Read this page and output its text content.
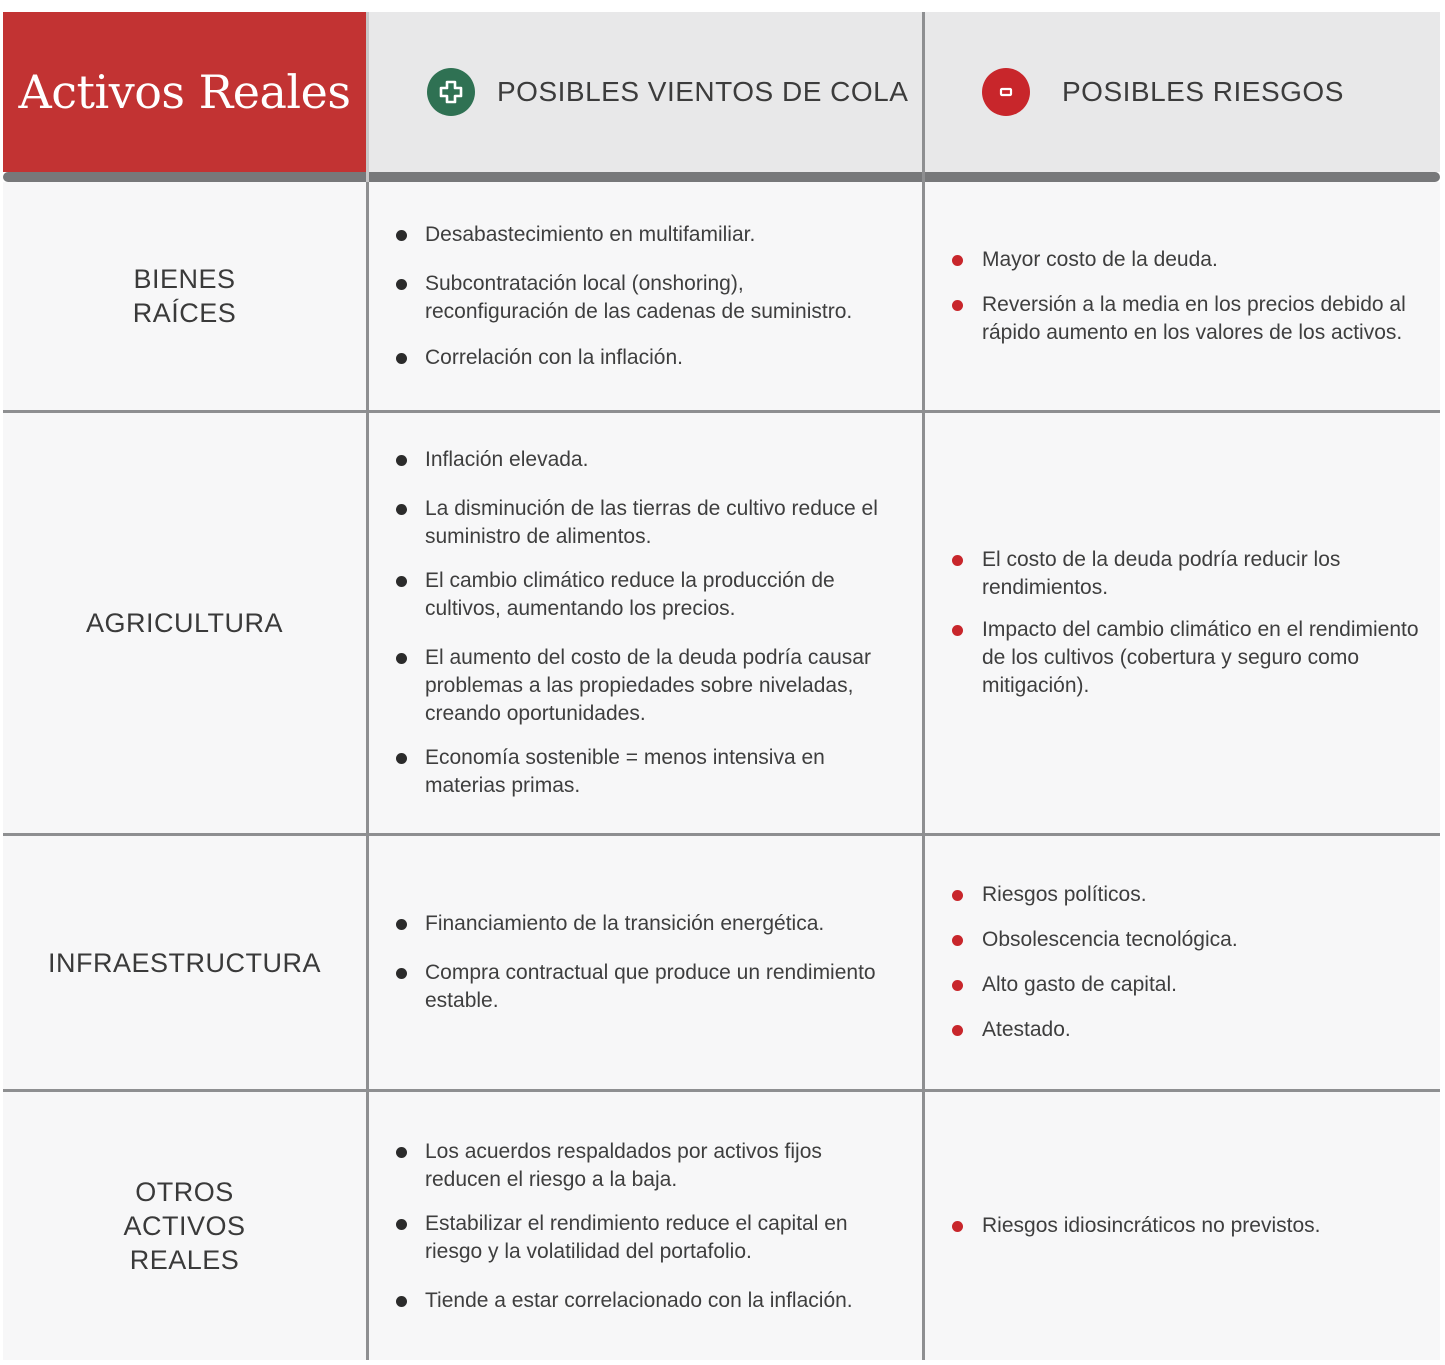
Activos Reales	POSIBLES VIENTOS DE COLA	POSIBLES RIESGOS
BIENES
RAÍCES
Desabastecimiento en multifamiliar.
Subcontratación local (onshoring), reconfiguración de las cadenas de suministro.
Correlación con la inflación.
Mayor costo de la deuda.
Reversión a la media en los precios debido al rápido aumento en los valores de los activos.
AGRICULTURA
Inflación elevada.
La disminución de las tierras de cultivo reduce el suministro de alimentos.
El cambio climático reduce la producción de cultivos, aumentando los precios.
El aumento del costo de la deuda podría causar problemas a las propiedades sobre niveladas, creando oportunidades.
Economía sostenible = menos intensiva en materias primas.
El costo de la deuda podría reducir los rendimientos.
Impacto del cambio climático en el rendimiento de los cultivos (cobertura y seguro como mitigación).
INFRAESTRUCTURA
Financiamiento de la transición energética.
Compra contractual que produce un rendimiento estable.
Riesgos políticos.
Obsolescencia tecnológica.
Alto gasto de capital.
Atestado.
OTROS
ACTIVOS
REALES
Los acuerdos respaldados por activos fijos reducen el riesgo a la baja.
Estabilizar el rendimiento reduce el capital en riesgo y la volatilidad del portafolio.
Tiende a estar correlacionado con la inflación.
Riesgos idiosincráticos no previstos.
